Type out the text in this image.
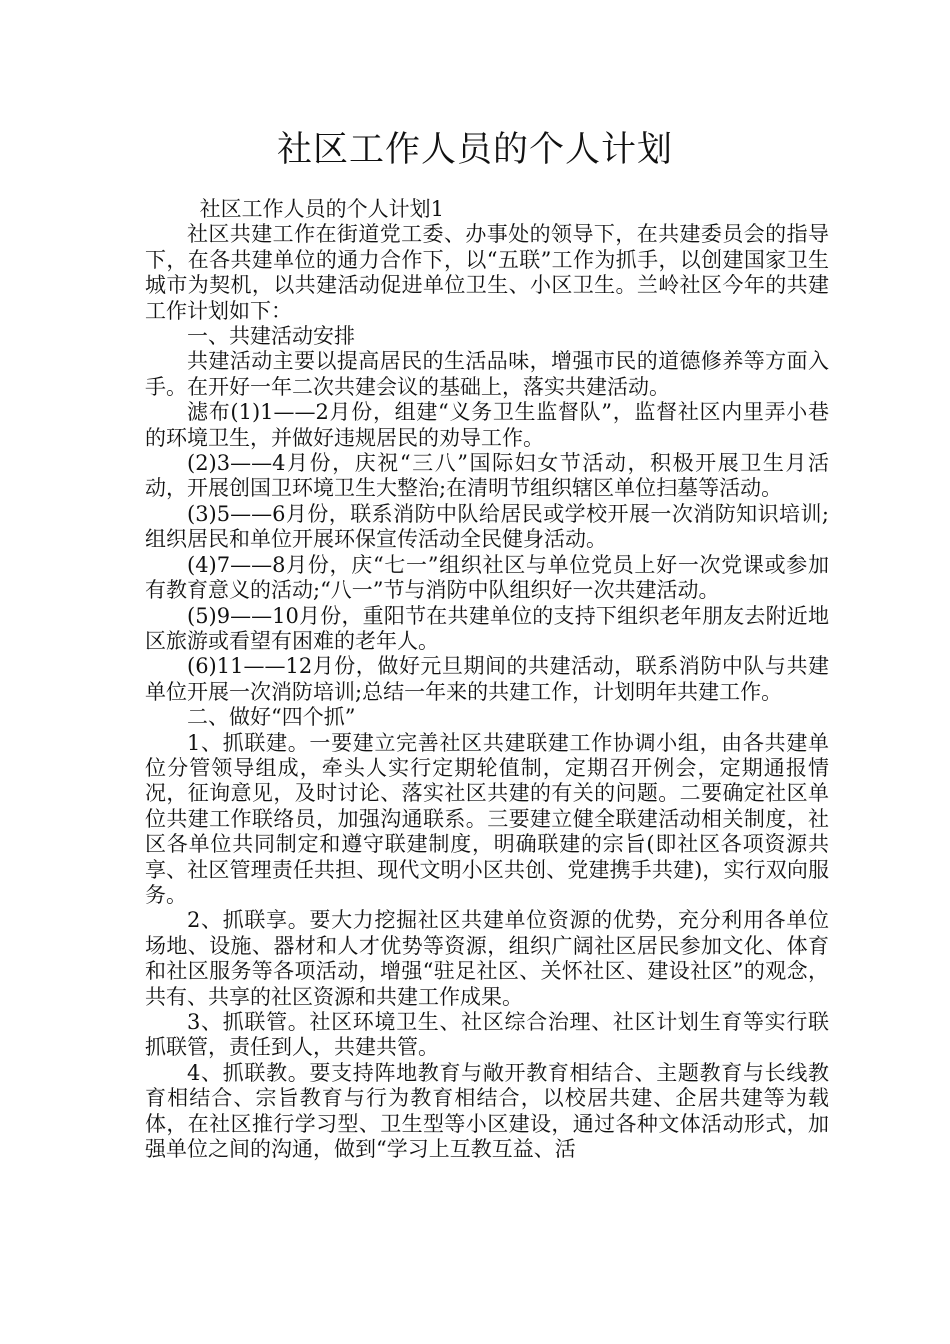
社区工作人员的个人计划

社区工作人员的个人计划1

社区共建工作在街道党工委、办事处的领导下，在共建委员会的指导下，在各共建单位的通力合作下，以“五联”工作为抓手，以创建国家卫生城市为契机，以共建活动促进单位卫生、小区卫生。兰岭社区今年的共建工作计划如下：

一、共建活动安排

共建活动主要以提高居民的生活品味，增强市民的道德修养等方面入手。在开好一年二次共建会议的基础上，落实共建活动。

滤布(1)1——2月份，组建“义务卫生监督队”，监督社区内里弄小巷的环境卫生，并做好违规居民的劝导工作。

(2)3——4月份，庆祝“三八”国际妇女节活动，积极开展卫生月活动，开展创国卫环境卫生大整治;在清明节组织辖区单位扫墓等活动。

(3)5——6月份，联系消防中队给居民或学校开展一次消防知识培训;组织居民和单位开展环保宣传活动全民健身活动。

(4)7——8月份，庆“七一”组织社区与单位党员上好一次党课或参加有教育意义的活动;“八一”节与消防中队组织好一次共建活动。

(5)9——10月份，重阳节在共建单位的支持下组织老年朋友去附近地区旅游或看望有困难的老年人。

(6)11——12月份，做好元旦期间的共建活动，联系消防中队与共建单位开展一次消防培训;总结一年来的共建工作，计划明年共建工作。

二、做好“四个抓”

1、抓联建。一要建立完善社区共建联建工作协调小组，由各共建单位分管领导组成，牵头人实行定期轮值制，定期召开例会，定期通报情况，征询意见，及时讨论、落实社区共建的有关的问题。二要确定社区单位共建工作联络员，加强沟通联系。三要建立健全联建活动相关制度，社区各单位共同制定和遵守联建制度，明确联建的宗旨(即社区各项资源共享、社区管理责任共担、现代文明小区共创、党建携手共建)，实行双向服务。

2、抓联享。要大力挖掘社区共建单位资源的优势，充分利用各单位场地、设施、器材和人才优势等资源，组织广阔社区居民参加文化、体育和社区服务等各项活动，增强“驻足社区、关怀社区、建设社区”的观念，共有、共享的社区资源和共建工作成果。

3、抓联管。社区环境卫生、社区综合治理、社区计划生育等实行联抓联管，责任到人，共建共管。

4、抓联教。要支持阵地教育与敞开教育相结合、主题教育与长线教育相结合、宗旨教育与行为教育相结合，以校居共建、企居共建等为载体，在社区推行学习型、卫生型等小区建设，通过各种文体活动形式，加强单位之间的沟通，做到“学习上互教互益、活
